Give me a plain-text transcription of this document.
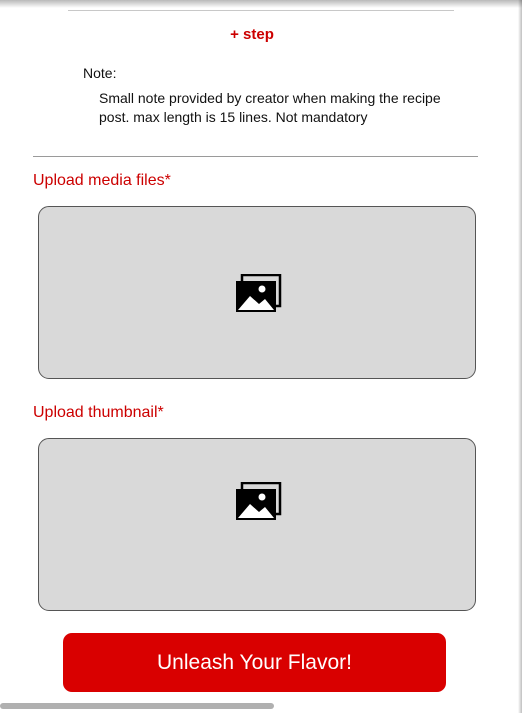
+ step
Note:
Small note provided by creator when making the recipe post. max length is 15 lines. Not mandatory
Upload media files*
Upload thumbnail*
Unleash Your Flavor!
